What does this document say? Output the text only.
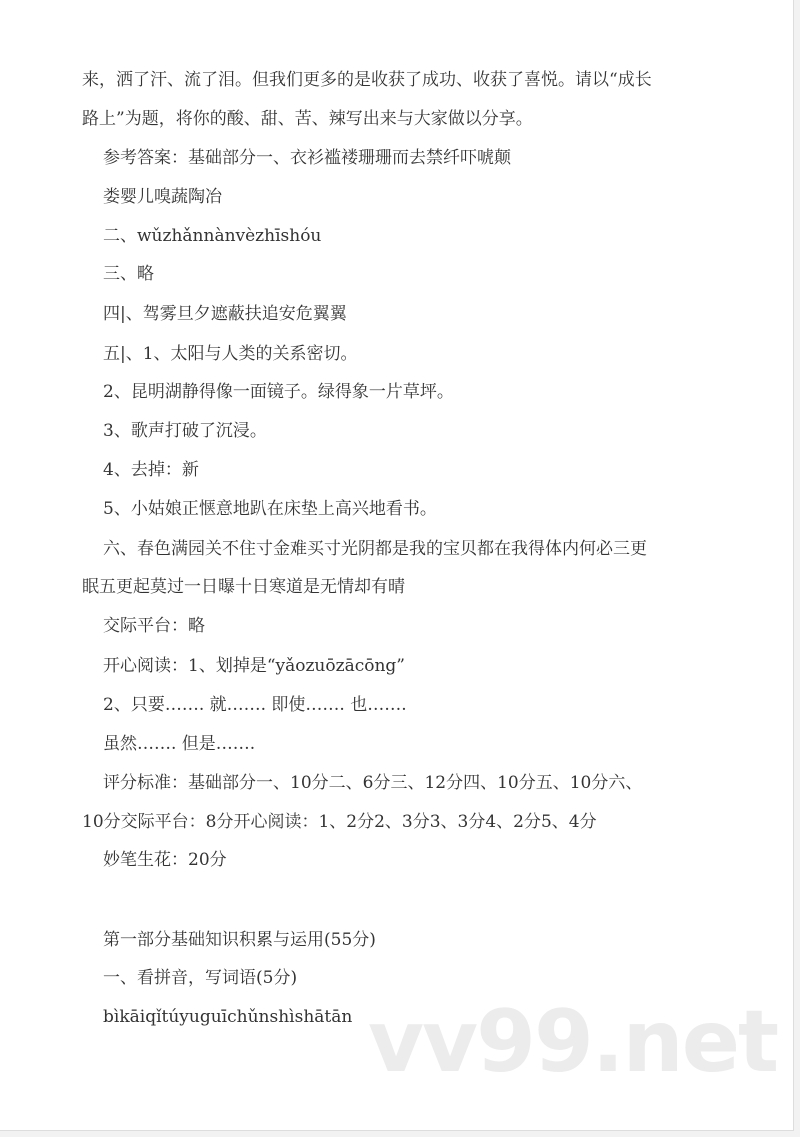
来，洒了汗、流了泪。但我们更多的是收获了成功、收获了喜悦。请以“成长
路上”为题，将你的酸、甜、苦、辣写出来与大家做以分享。
参考答案：基础部分一、衣衫褴褛珊珊而去禁纤吓唬颠
娄婴儿嗅蔬陶冶
二、wǔzhǎnnànvèzhīshóu
三、略
四|、驾雾旦夕遮蔽扶追安危翼翼
五|、1、太阳与人类的关系密切。
2、昆明湖静得像一面镜子。绿得象一片草坪。
3、歌声打破了沉浸。
4、去掉：新
5、小姑娘正惬意地趴在床垫上高兴地看书。
六、春色满园关不住寸金难买寸光阴都是我的宝贝都在我得体内何必三更
眠五更起莫过一日曝十日寒道是无情却有晴
交际平台：略
开心阅读：1、划掉是“yǎozuōzācōng”
2、只要……. 就……. 即使……. 也…….
虽然……. 但是…….
评分标准：基础部分一、10分二、6分三、12分四、10分五、10分六、
10分交际平台：8分开心阅读：1、2分2、3分3、3分4、2分5、4分
妙笔生花：20分
第一部分基础知识积累与运用(55分)
一、看拼音，写词语(5分)
bìkāiqǐtúyuguīchǔnshìshātān vv99.net
